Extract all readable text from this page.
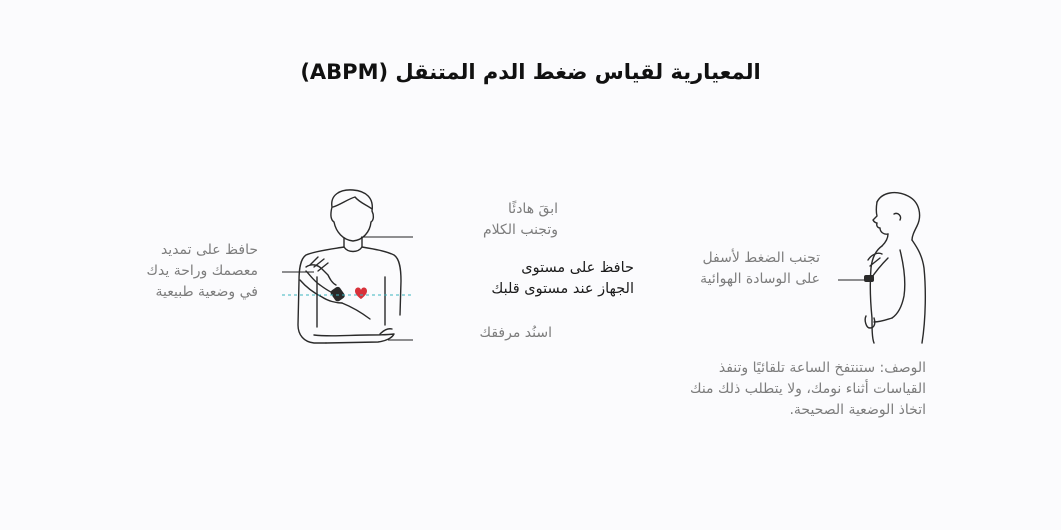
المعيارية لقياس ضغط الدم المتنقل (ABPM)
ابقَ هادئًا
وتجنب الكلام
حافظ على مستوى
الجهاز عند مستوى قلبك
اسنُد مرفقك
حافظ على تمديد
معصمك وراحة يدك
في وضعية طبيعية
تجنب الضغط لأسفل
على الوسادة الهوائية
الوصف: ستنتفخ الساعة تلقائيًا وتنفذ
القياسات أثناء نومك، ولا يتطلب ذلك منك
اتخاذ الوضعية الصحيحة.
